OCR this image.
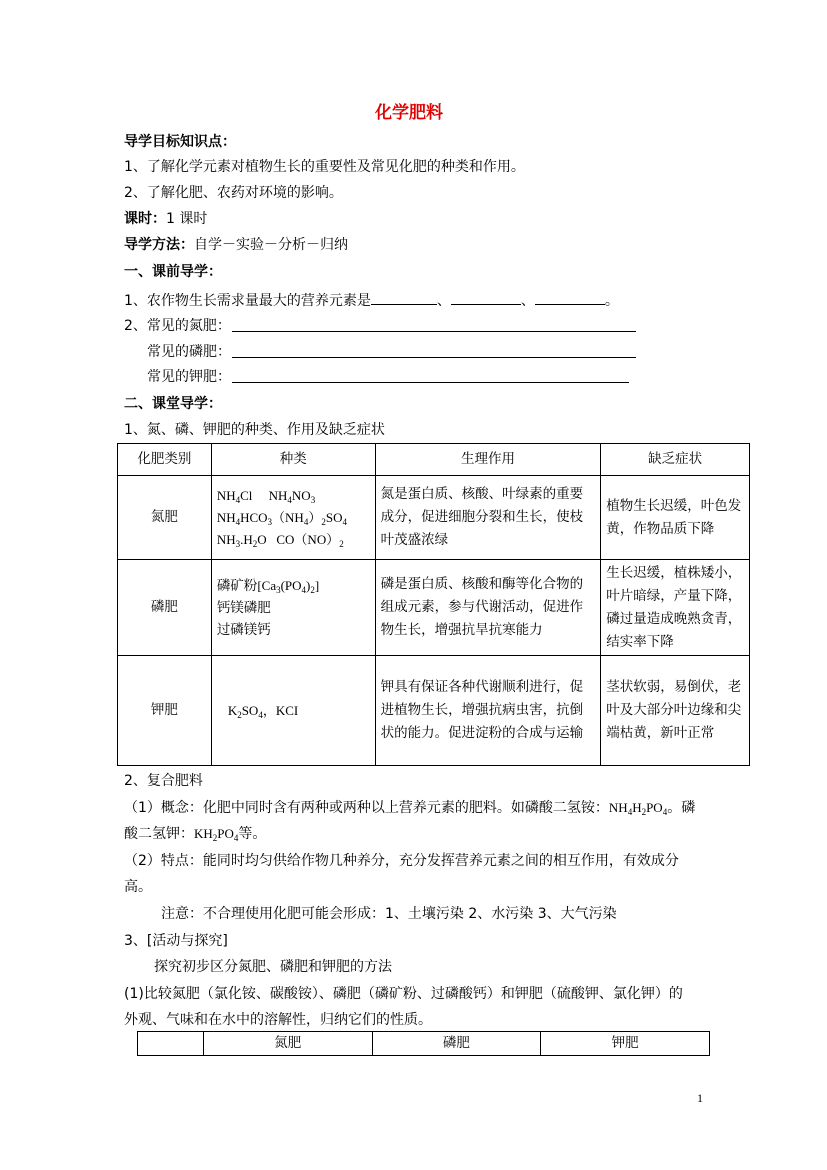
化学肥料
导学目标知识点：
1、了解化学元素对植物生长的重要性及常见化肥的种类和作用。
2、了解化肥、农药对环境的影响。
课时：1 课时
导学方法：自学－实验－分析－归纳
一、课前导学：
1、农作物生长需求量最大的营养元素是	、	、	。
2、常见的氮肥：
常见的磷肥：
常见的钾肥：
二、课堂导学：
1、氮、磷、钾肥的种类、作用及缺乏症状
化肥类别	种类	生理作用	缺乏症状
氮肥	$NH_4Cl$     $NH_4NO_3$
$NH_4HCO_3(NH_4)_2SO_4$
$NH_3.H_2O$   $CO(NO)_2$	氮是蛋白质、核酸、叶绿素的重要成分，促进细胞分裂和生长，使枝叶茂盛浓绿	植物生长迟缓，叶色发黄，作物品质下降

磷肥	磷矿粉$[Ca_3(PO_4)_2]$
钙镁磷肥
过磷镁钙	磷是蛋白质、核酸和酶等化合物的组成元素，参与代谢活动，促进作物生长，增强抗旱抗寒能力	生长迟缓，植株矮小，叶片暗绿，产量下降，磷过量造成晚熟贪青，结实率下降

钾肥	$K_2SO_4$，KCI	钾具有保证各种代谢顺利进行，促进植物生长，增强抗病虫害，抗倒状的能力。促进淀粉的合成与运输	茎状软弱，易倒伏，老叶及大部分叶边缘和尖端枯黄，新叶正常
2、复合肥料
（1）概念：化肥中同时含有两种或两种以上营养元素的肥料。如磷酸二氢铵：$NH_4H_2PO_4$。磷
酸二氢钾：$KH_2PO_4$等。
（2）特点：能同时均匀供给作物几种养分，充分发挥营养元素之间的相互作用，有效成分
高。
注意：不合理使用化肥可能会形成：1、土壤污染 2、水污染 3、大气污染
3、[活动与探究]
探究初步区分氮肥、磷肥和钾肥的方法
(1)比较氮肥（氯化铵、碳酸铵）、磷肥（磷矿粉、过磷酸钙）和钾肥（硫酸钾、氯化钾）的
外观、气味和在水中的溶解性，归纳它们的性质。
	氮肥	磷肥	钾肥
1
